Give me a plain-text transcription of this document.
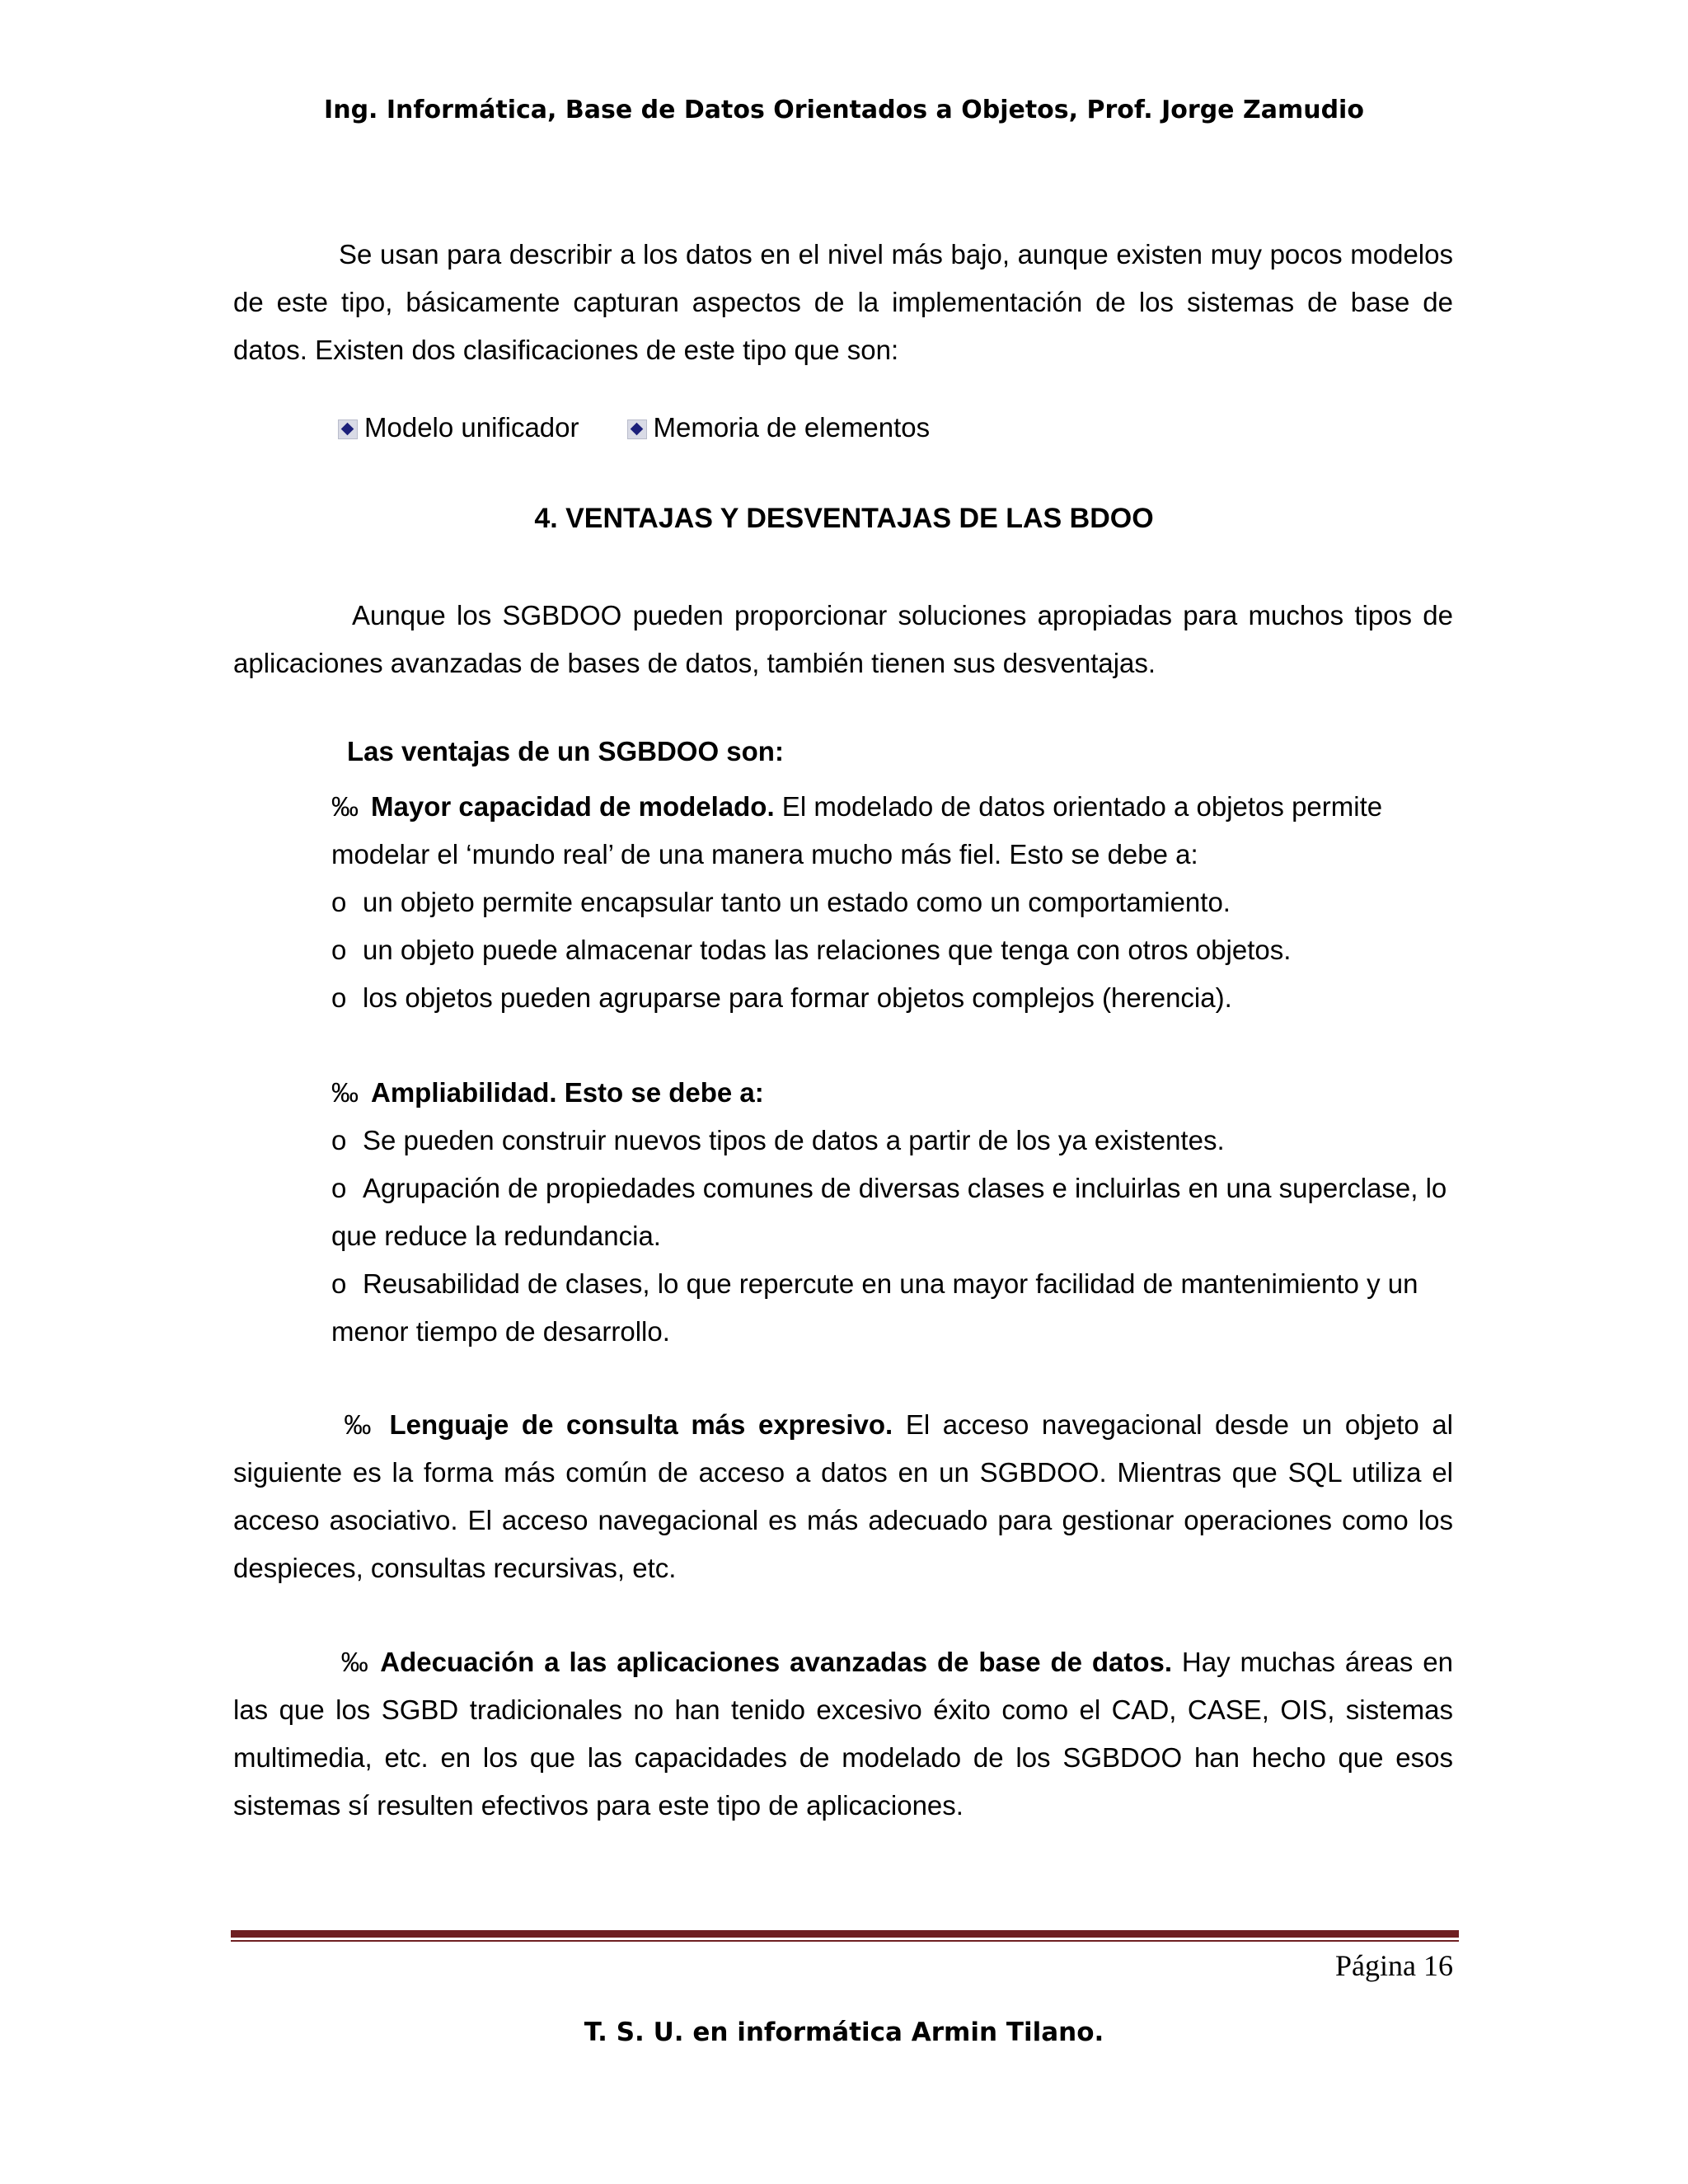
Ing. Informática, Base de Datos Orientados a Objetos, Prof. Jorge Zamudio
Se usan para describir a los datos en el nivel más bajo, aunque existen muy pocos modelos de este tipo, básicamente capturan aspectos de la implementación de los sistemas de base de datos. Existen dos clasificaciones de este tipo que son:
Modelo unificador	Memoria de elementos
4. VENTAJAS Y DESVENTAJAS DE LAS BDOO
Aunque los SGBDOO pueden proporcionar soluciones apropiadas para muchos tipos de aplicaciones avanzadas de bases de datos, también tienen sus desventajas.
Las ventajas de un SGBDOO son:
‰ Mayor capacidad de modelado. El modelado de datos orientado a objetos permite modelar el ‘mundo real’ de una manera mucho más fiel. Esto se debe a:
o un objeto permite encapsular tanto un estado como un comportamiento.
o un objeto puede almacenar todas las relaciones que tenga con otros objetos.
o los objetos pueden agruparse para formar objetos complejos (herencia).
‰ Ampliabilidad. Esto se debe a:
o Se pueden construir nuevos tipos de datos a partir de los ya existentes.
o Agrupación de propiedades comunes de diversas clases e incluirlas en una superclase, lo que reduce la redundancia.
o Reusabilidad de clases, lo que repercute en una mayor facilidad de mantenimiento y un menor tiempo de desarrollo.
‰ Lenguaje de consulta más expresivo. El acceso navegacional desde un objeto al siguiente es la forma más común de acceso a datos en un SGBDOO. Mientras que SQL utiliza el acceso asociativo. El acceso navegacional es más adecuado para gestionar operaciones como los despieces, consultas recursivas, etc.
‰ Adecuación a las aplicaciones avanzadas de base de datos. Hay muchas áreas en las que los SGBD tradicionales no han tenido excesivo éxito como el CAD, CASE, OIS, sistemas multimedia, etc. en los que las capacidades de modelado de los SGBDOO han hecho que esos sistemas sí resulten efectivos para este tipo de aplicaciones.
Página 16
T. S. U. en informática Armin Tilano.
